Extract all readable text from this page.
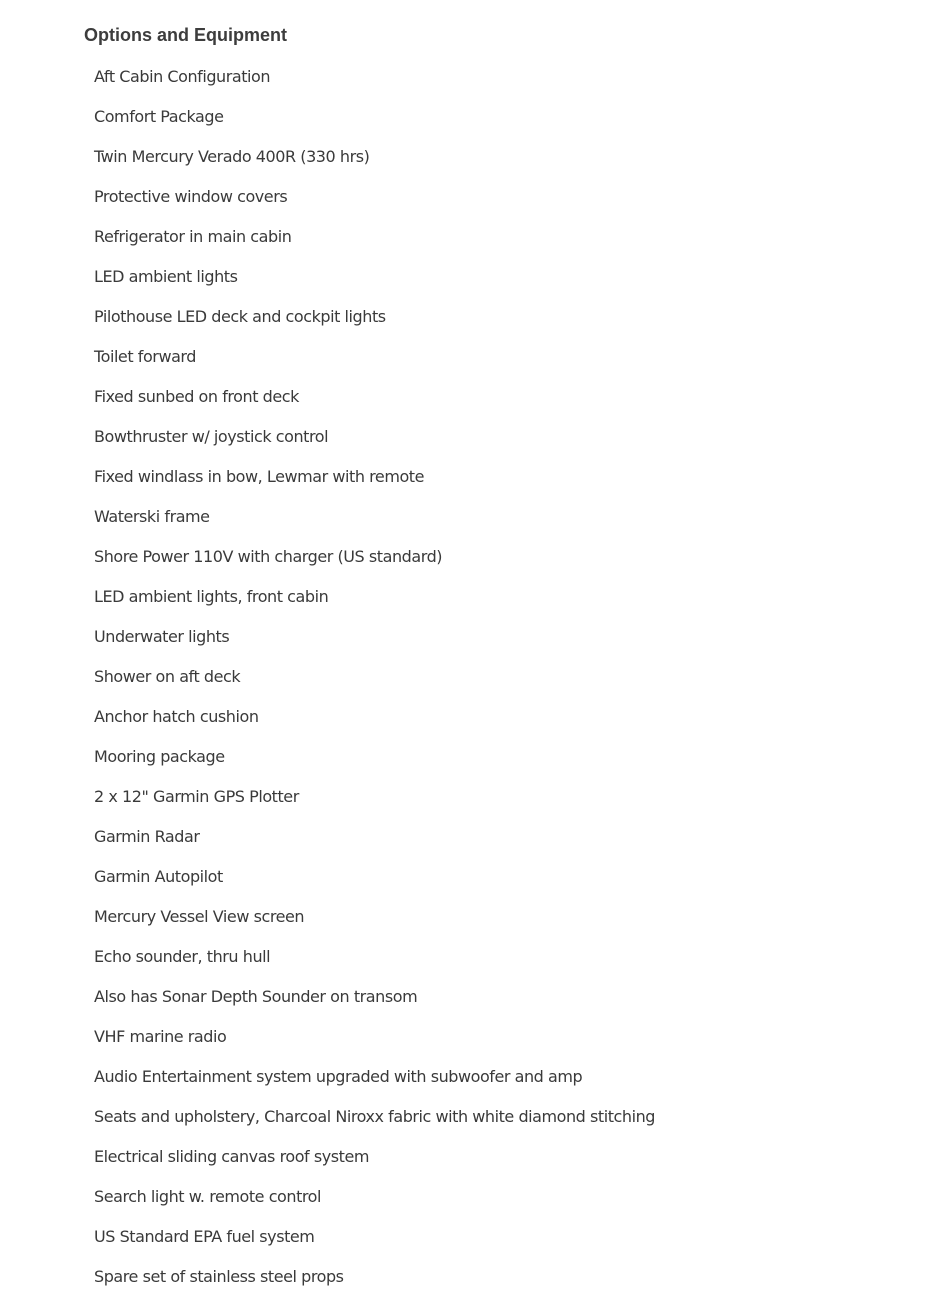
Options and Equipment
Aft Cabin Configuration
Comfort Package
Twin Mercury Verado 400R (330 hrs)
Protective window covers
Refrigerator in main cabin
LED ambient lights
Pilothouse LED deck and cockpit lights
Toilet forward
Fixed sunbed on front deck
Bowthruster w/ joystick control
Fixed windlass in bow, Lewmar with remote
Waterski frame
Shore Power 110V with charger (US standard)
LED ambient lights, front cabin
Underwater lights
Shower on aft deck
Anchor hatch cushion
Mooring package
2 x 12" Garmin GPS Plotter
Garmin Radar
Garmin Autopilot
Mercury Vessel View screen
Echo sounder, thru hull
Also has Sonar Depth Sounder on transom
VHF marine radio
Audio Entertainment system upgraded with subwoofer and amp
Seats and upholstery, Charcoal Niroxx fabric with white diamond stitching
Electrical sliding canvas roof system
Search light w. remote control
US Standard EPA fuel system
Spare set of stainless steel props
